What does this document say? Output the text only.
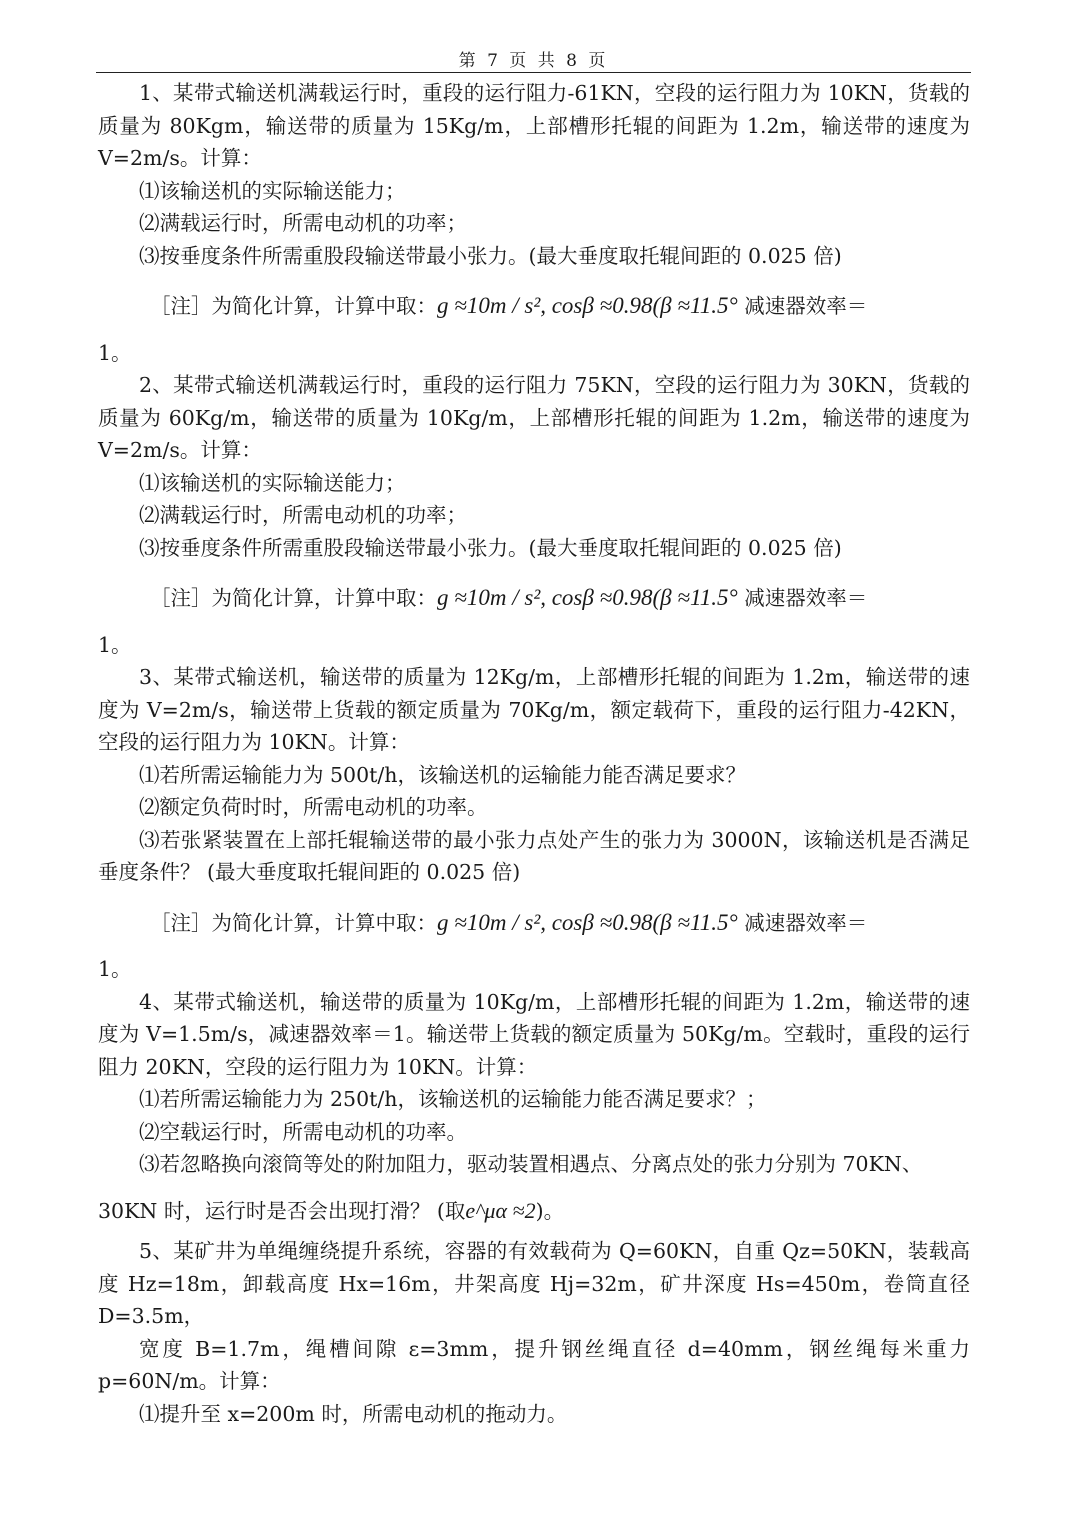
第 7 页 共 8 页

1、某带式输送机满载运行时，重段的运行阻力-61KN，空段的运行阻力为 10KN，货载的质量为 80Kgm，输送带的质量为 15Kg/m，上部槽形托辊的间距为 1.2m，输送带的速度为 V=2m/s。计算：

⑴该输送机的实际输送能力；

⑵满载运行时，所需电动机的功率；

⑶按垂度条件所需重股段输送带最小张力。(最大垂度取托辊间距的 0.025 倍)

［注］为简化计算，计算中取：g ≈10m / s², cosβ ≈0.98(β ≈11.5° 减速器效率＝
1。

2、某带式输送机满载运行时，重段的运行阻力 75KN，空段的运行阻力为 30KN，货载的质量为 60Kg/m，输送带的质量为 10Kg/m，上部槽形托辊的间距为 1.2m，输送带的速度为 V=2m/s。计算：

⑴该输送机的实际输送能力；

⑵满载运行时，所需电动机的功率；

⑶按垂度条件所需重股段输送带最小张力。(最大垂度取托辊间距的 0.025 倍)

［注］为简化计算，计算中取：g ≈10m / s², cosβ ≈0.98(β ≈11.5° 减速器效率＝
1。

3、某带式输送机，输送带的质量为 12Kg/m，上部槽形托辊的间距为 1.2m，输送带的速度为 V=2m/s，输送带上货载的额定质量为 70Kg/m，额定载荷下，重段的运行阻力-42KN，空段的运行阻力为 10KN。计算：

⑴若所需运输能力为 500t/h，该输送机的运输能力能否满足要求？

⑵额定负荷时时，所需电动机的功率。

⑶若张紧装置在上部托辊输送带的最小张力点处产生的张力为 3000N，该输送机是否满足垂度条件？ (最大垂度取托辊间距的 0.025 倍)

［注］为简化计算，计算中取：g ≈10m / s², cosβ ≈0.98(β ≈11.5° 减速器效率＝
1。

4、某带式输送机，输送带的质量为 10Kg/m，上部槽形托辊的间距为 1.2m，输送带的速度为 V=1.5m/s，减速器效率＝1。输送带上货载的额定质量为 50Kg/m。空载时，重段的运行阻力 20KN，空段的运行阻力为 10KN。计算：

⑴若所需运输能力为 250t/h，该输送机的运输能力能否满足要求？；

⑵空载运行时，所需电动机的功率。

⑶若忽略换向滚筒等处的附加阻力，驱动装置相遇点、分离点处的张力分别为 70KN、

30KN 时，运行时是否会出现打滑？ (取e^μα ≈2)。

5、某矿井为单绳缠绕提升系统，容器的有效载荷为 Q=60KN，自重 Qz=50KN，装载高度 Hz=18m，卸载高度 Hx=16m，井架高度 Hj=32m，矿井深度 Hs=450m，卷筒直径 D=3.5m，

宽度 B=1.7m，绳槽间隙 ε=3mm，提升钢丝绳直径 d=40mm，钢丝绳每米重力 p=60N/m。计算：

⑴提升至 x=200m 时，所需电动机的拖动力。
